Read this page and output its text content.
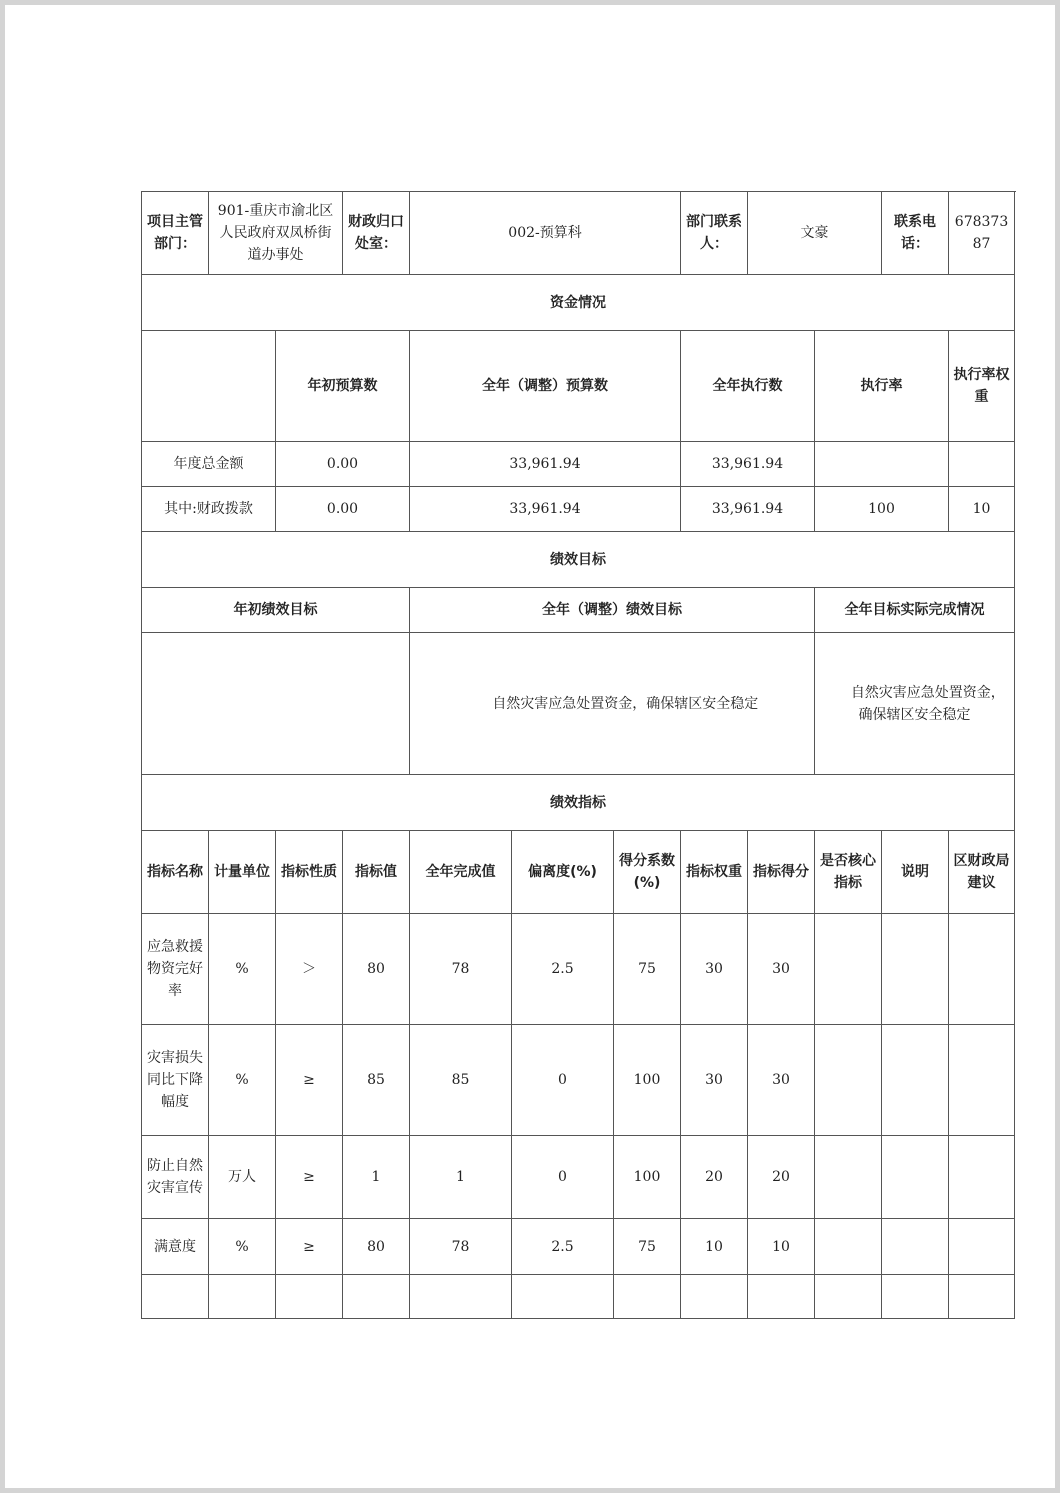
项目主管部门：	901-重庆市渝北区人民政府双凤桥街道办事处		财政归口处室：	002-预算科			部门联系人：	文豪		联系电话：	67837387	
资金情况												
		年初预算数		全年（调整）预算数			全年执行数		执行率		执行率权重	
年度总金额		0.00		33,961.94			33,961.94					
其中:财政拨款		0.00		33,961.94			33,961.94		100		10	
绩效目标												
年初绩效目标				全年（调整）绩效目标					全年目标实际完成情况			

				自然灾害应急处置资金，确保辖区安全稳定					自然灾害应急处置资金，确保辖区安全稳定			

绩效指标												
指标名称	计量单位	指标性质	指标值	全年完成值	偏离度(%)	得分系数(%)	指标权重	指标得分	是否核心指标	说明	区财政局建议	
应急救援物资完好率	%	＞	80	78	2.5	75	30	30				
灾害损失同比下降幅度	%	≥	85	85	0	100	30	30				
防止自然灾害宣传	万人	≥	1	1	0	100	20	20				
满意度	%	≥	80	78	2.5	75	10	10				
